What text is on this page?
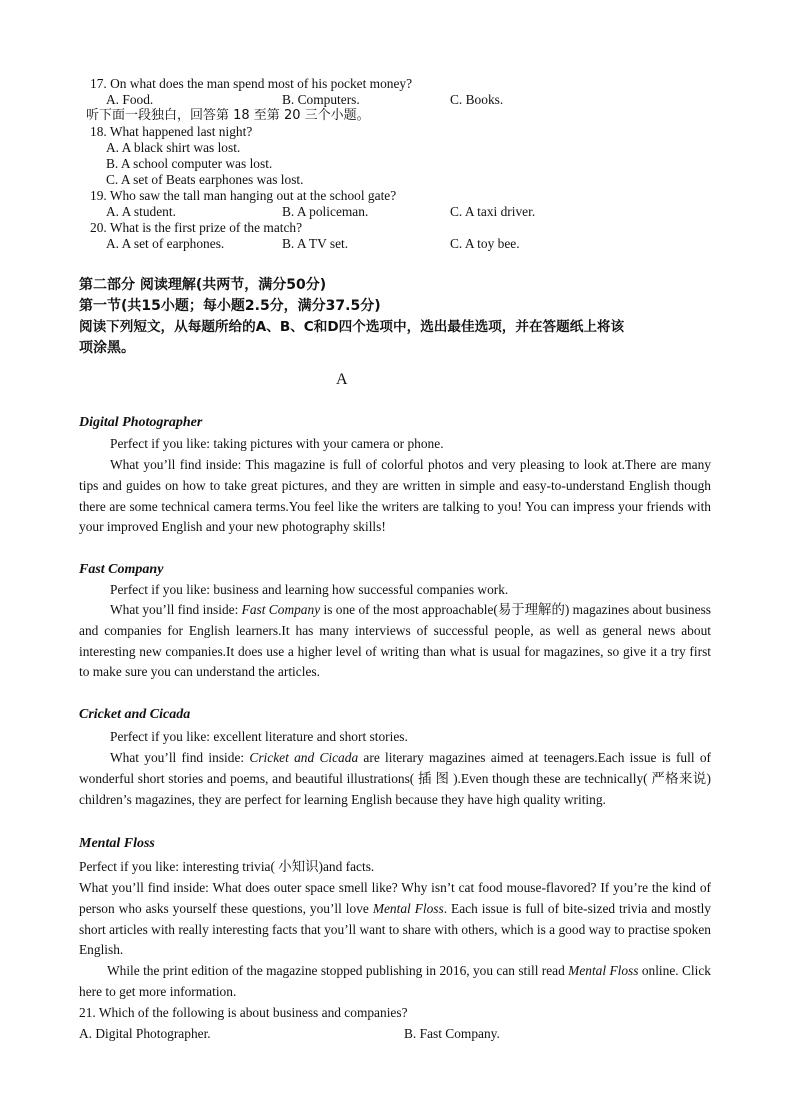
17. On what does the man spend most of his pocket money?
A. Food.	B. Computers.	C. Books.
听下面一段独白，回答第 18 至第 20 三个小题。
18. What happened last night?
A. A black shirt was lost.
B. A school computer was lost.
C. A set of Beats earphones was lost.
19. Who saw the tall man hanging out at the school gate?
A. A student.	B. A policeman.	C. A taxi driver.
20. What is the first prize of the match?
A. A set of earphones.	B. A TV set.	C. A toy bee.
第二部分 阅读理解(共两节，满分50分)
第一节(共15小题；每小题2.5分，满分37.5分)
阅读下列短文，从每题所给的A、B、C和D四个选项中，选出最佳选项，并在答题纸上将该
项涂黑。
A
Digital Photographer
Perfect if you like: taking pictures with your camera or phone.
What you’ll find inside: This magazine is full of colorful photos and very pleasing to look at.There are many tips and guides on how to take great pictures, and they are written in simple and easy-to-understand English though there are some technical camera terms.You feel like the writers are talking to you! You can impress your friends with your improved English and your new photography skills!
Fast Company
Perfect if you like: business and learning how successful companies work.
What you’ll find inside: Fast Company is one of the most approachable(易于理解的) magazines about business and companies for English learners.It has many interviews of successful people, as well as general news about interesting new companies.It does use a higher level of writing than what is usual for magazines, so give it a try first to make sure you can understand the articles.
Cricket and Cicada
Perfect if you like: excellent literature and short stories.
What you’ll find inside: Cricket and Cicada are literary magazines aimed at teenagers.Each issue is full of wonderful short stories and poems, and beautiful illustrations( 插 图 ).Even though these are technically( 严格来说) children’s magazines, they are perfect for learning English because they have high quality writing.
Mental Floss
Perfect if you like: interesting trivia( 小知识)and facts.
What you’ll find inside: What does outer space smell like? Why isn’t cat food mouse-flavored? If you’re the kind of person who asks yourself these questions, you’ll love Mental Floss. Each issue is full of bite-sized trivia and mostly short articles with really interesting facts that you’ll want to share with others, which is a good way to practise spoken English.
While the print edition of the magazine stopped publishing in 2016, you can still read Mental Floss online. Click here to get more information.
21. Which of the following is about business and companies?
A. Digital Photographer.	B. Fast Company.
